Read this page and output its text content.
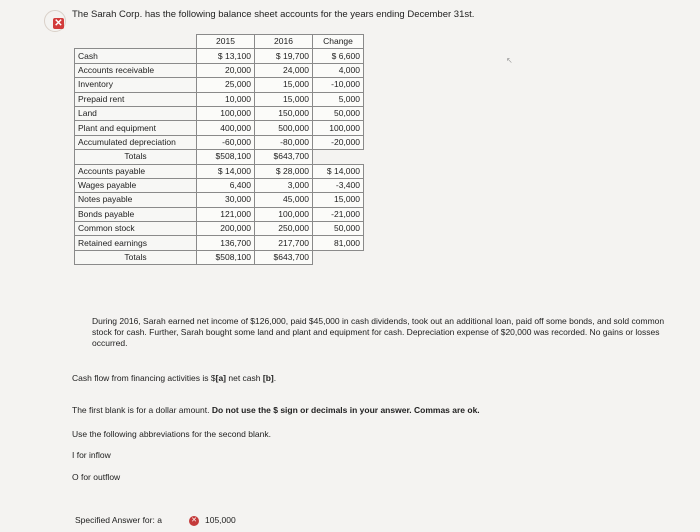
✕
The Sarah Corp. has the following balance sheet accounts for the years ending December 31st.
	2015	2016	Change
Cash	$ 13,100	$ 19,700	$ 6,600
Accounts receivable	20,000	24,000	4,000
Inventory	25,000	15,000	-10,000
Prepaid rent	10,000	15,000	5,000
Land	100,000	150,000	50,000
Plant and equipment	400,000	500,000	100,000
Accumulated depreciation	-60,000	-80,000	-20,000
Totals	$508,100	$643,700	
Accounts payable	$ 14,000	$ 28,000	$ 14,000
Wages payable	6,400	3,000	-3,400
Notes payable	30,000	45,000	15,000
Bonds payable	121,000	100,000	-21,000
Common stock	200,000	250,000	50,000
Retained earnings	136,700	217,700	81,000
Totals	$508,100	$643,700	
↖
During 2016, Sarah earned net income of $126,000, paid $45,000 in cash dividends, took out an additional loan, paid off some bonds, and sold common stock for cash. Further, Sarah bought some land and plant and equipment for cash. Depreciation expense of $20,000 was recorded. No gains or losses occurred.
Cash flow from financing activities is $[a] net cash [b].
The first blank is for a dollar amount. Do not use the $ sign or decimals in your answer. Commas are ok.
Use the following abbreviations for the second blank.
I for inflow
O for outflow
Specified Answer for: a	✕ 105,000
